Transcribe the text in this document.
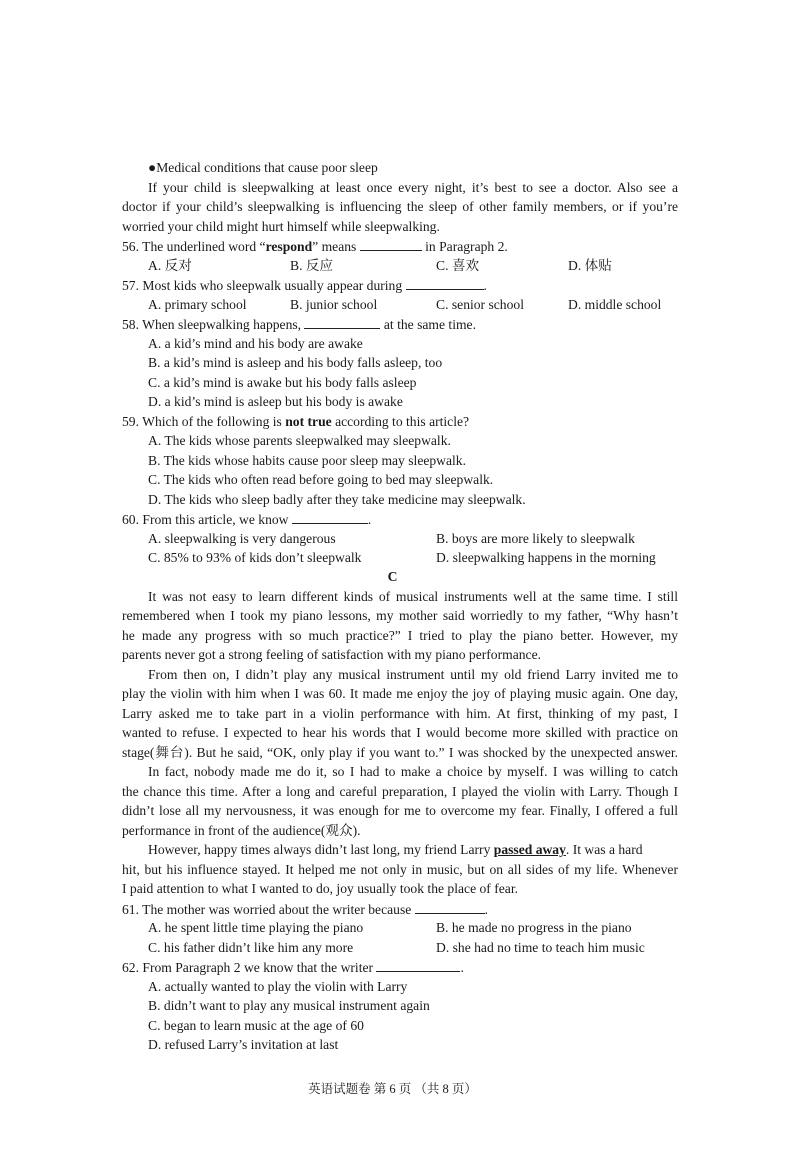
●Medical conditions that cause poor sleep
If your child is sleepwalking at least once every night, it’s best to see a doctor. Also see a
doctor if your child’s sleepwalking is influencing the sleep of other family members, or if you’re
worried your child might hurt himself while sleepwalking.
56. The underlined word “respond” means	in Paragraph 2.
A. 反对	B. 反应	C. 喜欢	D. 体贴
57. Most kids who sleepwalk usually appear during	.
A. primary school	B. junior school	C. senior school	D. middle school
58. When sleepwalking happens,	at the same time.
A. a kid’s mind and his body are awake
B. a kid’s mind is asleep and his body falls asleep, too
C. a kid’s mind is awake but his body falls asleep
D. a kid’s mind is asleep but his body is awake
59. Which of the following is not true according to this article?
A. The kids whose parents sleepwalked may sleepwalk.
B. The kids whose habits cause poor sleep may sleepwalk.
C. The kids who often read before going to bed may sleepwalk.
D. The kids who sleep badly after they take medicine may sleepwalk.
60. From this article, we know	.
A. sleepwalking is very dangerous	B. boys are more likely to sleepwalk
C. 85% to 93% of kids don’t sleepwalk	D. sleepwalking happens in the morning
C
It was not easy to learn different kinds of musical instruments well at the same time. I still
remembered when I took my piano lessons, my mother said worriedly to my father, “Why hasn’t
he made any progress with so much practice?” I tried to play the piano better. However, my
parents never got a strong feeling of satisfaction with my piano performance.
From then on, I didn’t play any musical instrument until my old friend Larry invited me to
play the violin with him when I was 60. It made me enjoy the joy of playing music again. One day,
Larry asked me to take part in a violin performance with him. At first, thinking of my past, I
wanted to refuse. I expected to hear his words that I would become more skilled with practice on
stage(舞台). But he said, “OK, only play if you want to.” I was shocked by the unexpected answer.
In fact, nobody made me do it, so I had to make a choice by myself. I was willing to catch
the chance this time. After a long and careful preparation, I played the violin with Larry. Though I
didn’t lose all my nervousness, it was enough for me to overcome my fear. Finally, I offered a full
performance in front of the audience(观众).
However, happy times always didn’t last long, my friend Larry passed away. It was a hard
hit, but his influence stayed. It helped me not only in music, but on all sides of my life. Whenever
I paid attention to what I wanted to do, joy usually took the place of fear.
61. The mother was worried about the writer because	.
A. he spent little time playing the piano	B. he made no progress in the piano
C. his father didn’t like him any more	D. she had no time to teach him music
62. From Paragraph 2 we know that the writer	.
A. actually wanted to play the violin with Larry
B. didn’t want to play any musical instrument again
C. began to learn music at the age of 60
D. refused Larry’s invitation at last
英语试题卷 第 6 页 （共 8 页）
